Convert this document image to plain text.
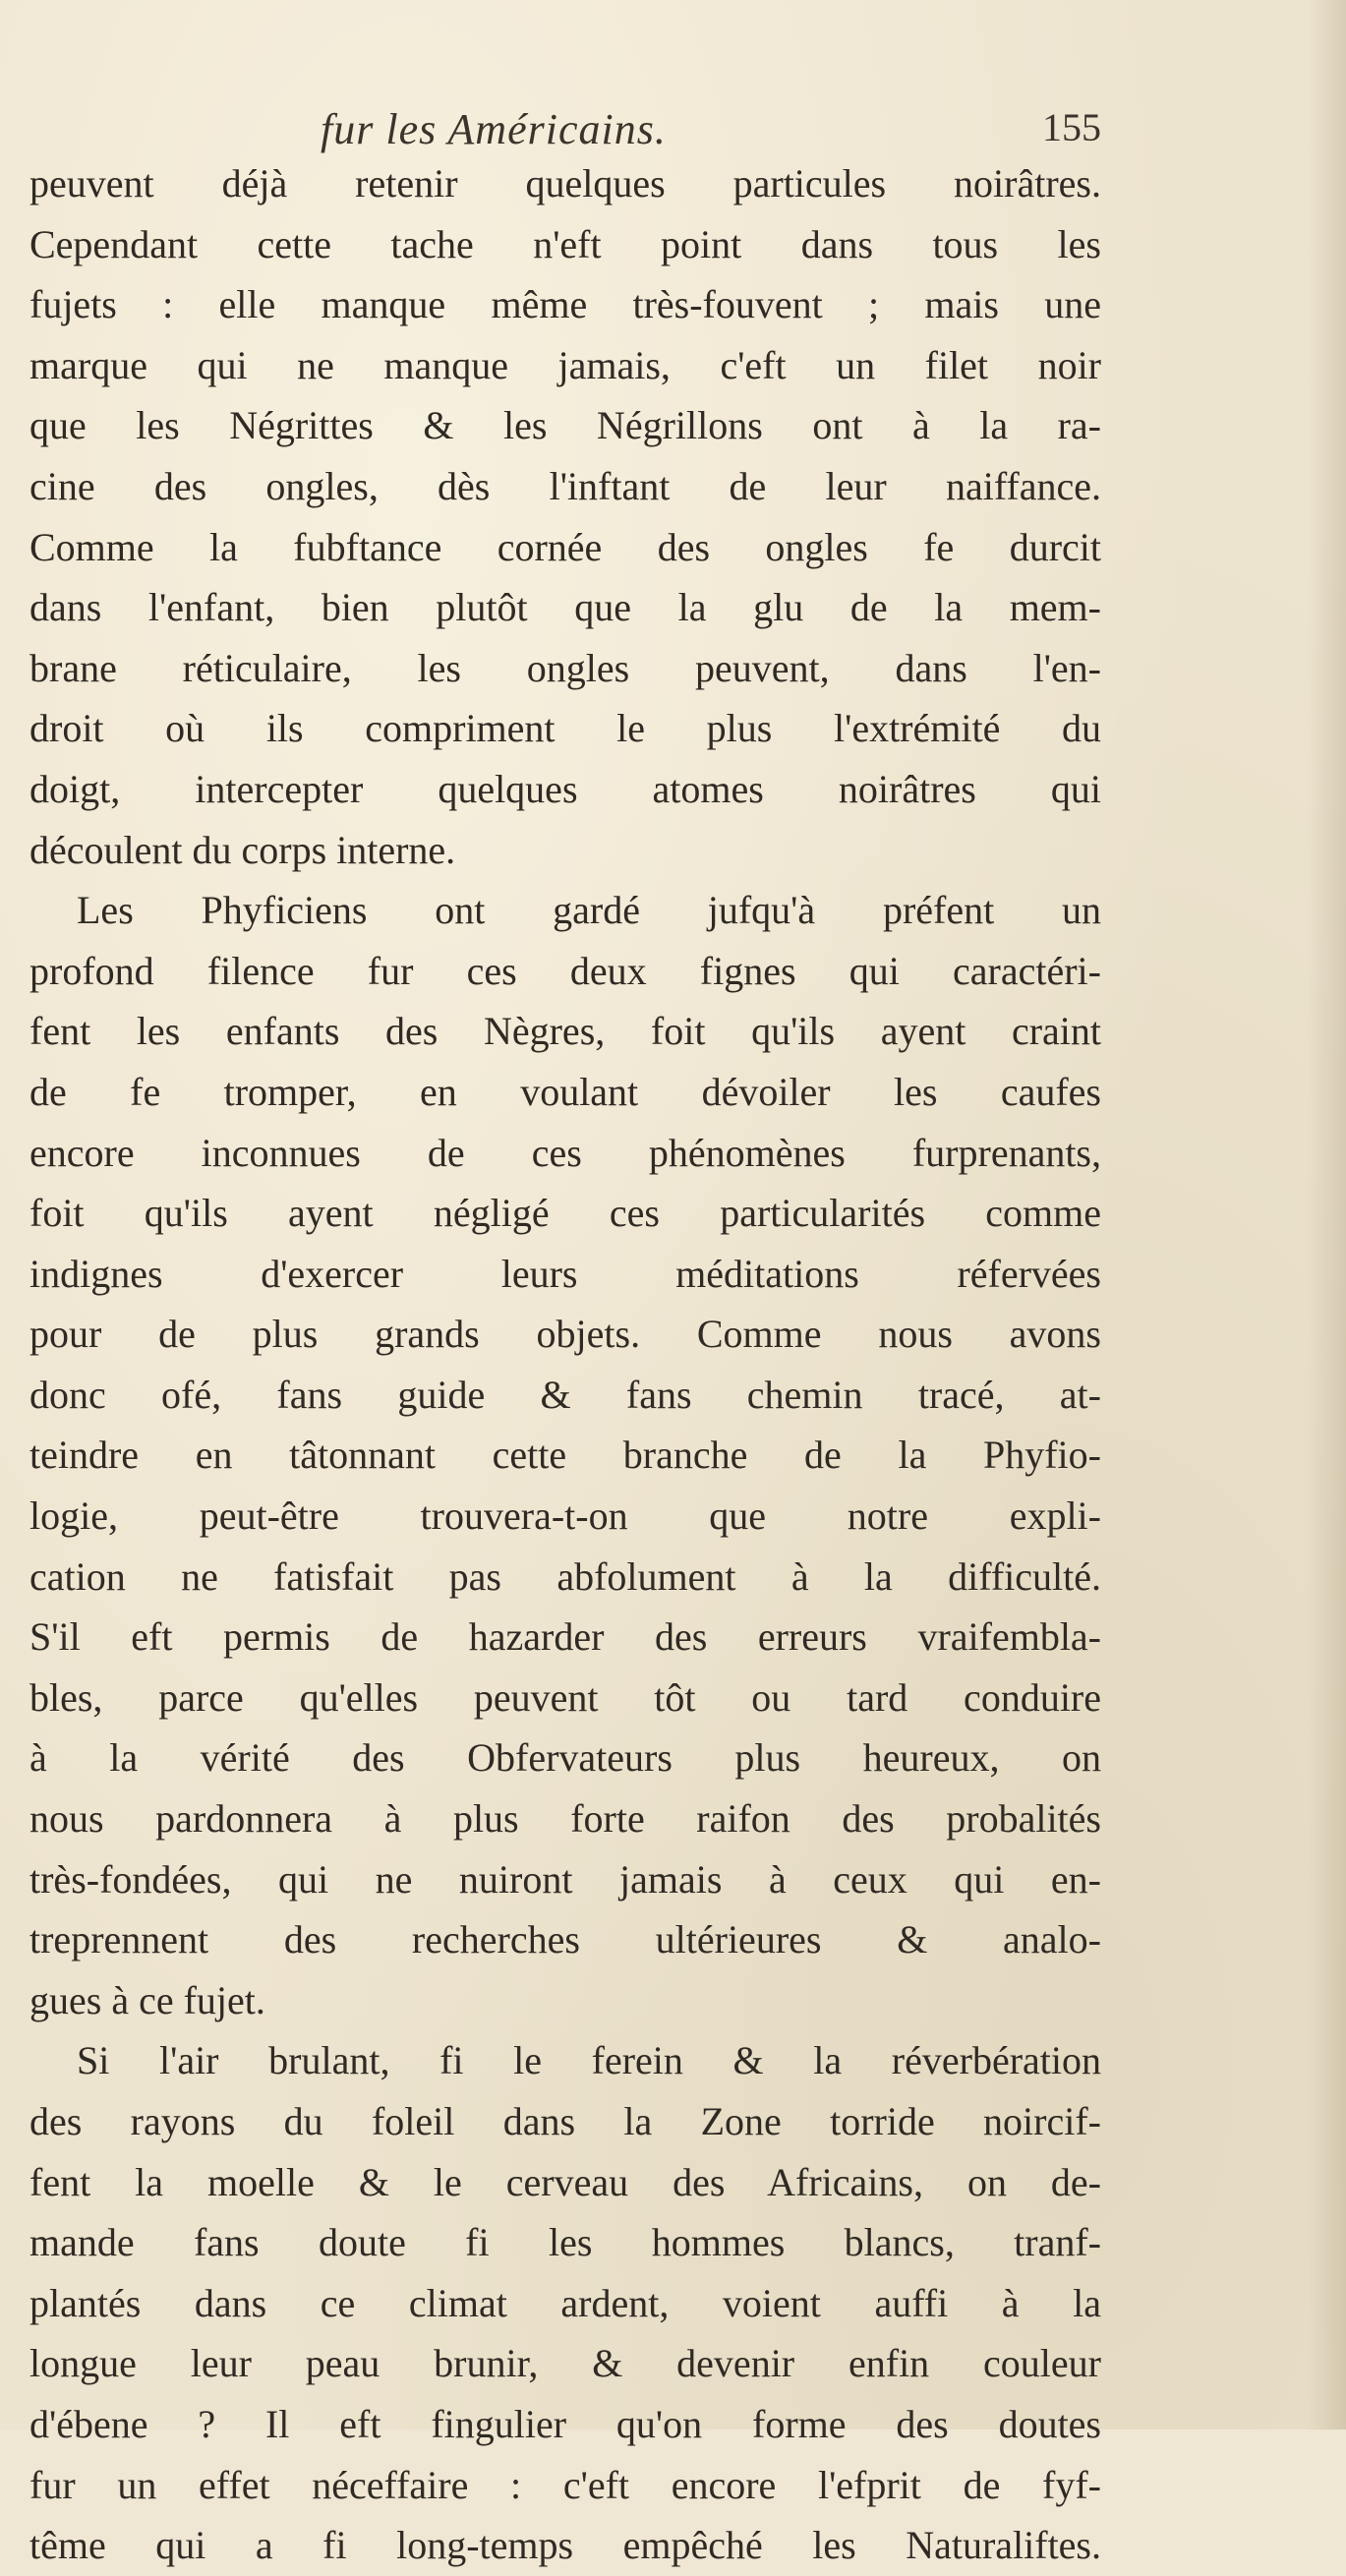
fur les Américains.	155
peuvent déjà retenir quelques particules noirâtres.
Cependant cette tache n'eft point dans tous les
fujets : elle manque même très-fouvent ; mais une
marque qui ne manque jamais, c'eft un filet noir
que les Négrittes & les Négrillons ont à la ra-
cine des ongles, dès l'inftant de leur naiffance.
Comme la fubftance cornée des ongles fe durcit
dans l'enfant, bien plutôt que la glu de la mem-
brane réticulaire, les ongles peuvent, dans l'en-
droit où ils compriment le plus l'extrémité du
doigt, intercepter quelques atomes noirâtres qui
découlent du corps interne.
Les Phyficiens ont gardé jufqu'à préfent un
profond filence fur ces deux fignes qui caractéri-
fent les enfants des Nègres, foit qu'ils ayent craint
de fe tromper, en voulant dévoiler les caufes
encore inconnues de ces phénomènes furprenants,
foit qu'ils ayent négligé ces particularités comme
indignes d'exercer leurs méditations réfervées
pour de plus grands objets. Comme nous avons
donc ofé, fans guide & fans chemin tracé, at-
teindre en tâtonnant cette branche de la Phyfio-
logie, peut-être trouvera-t-on que notre expli-
cation ne fatisfait pas abfolument à la difficulté.
S'il eft permis de hazarder des erreurs vraifembla-
bles, parce qu'elles peuvent tôt ou tard conduire
à la vérité des Obfervateurs plus heureux, on
nous pardonnera à plus forte raifon des probalités
très-fondées, qui ne nuiront jamais à ceux qui en-
treprennent des recherches ultérieures & analo-
gues à ce fujet.
Si l'air brulant, fi le ferein & la réverbération
des rayons du foleil dans la Zone torride noircif-
fent la moelle & le cerveau des Africains, on de-
mande fans doute fi les hommes blancs, tranf-
plantés dans ce climat ardent, voient auffi à la
longue leur peau brunir, & devenir enfin couleur
d'ébene ? Il eft fingulier qu'on forme des doutes
fur un effet néceffaire : c'eft encore l'efprit de fyf-
tême qui a fi long-temps empêché les Naturaliftes.
